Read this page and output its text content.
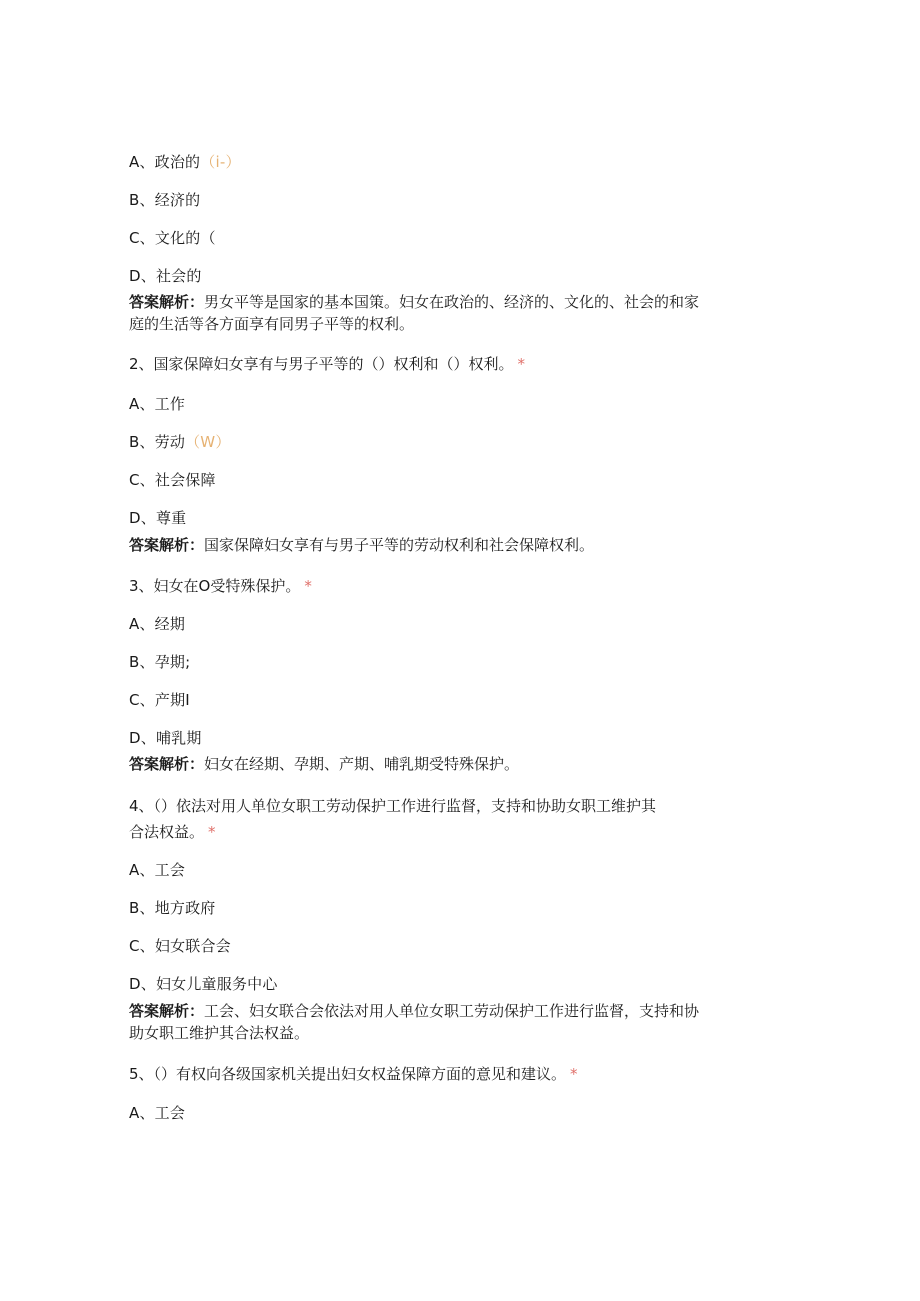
A、政治的（i-）
B、经济的
C、文化的（
D、社会的
答案解析：男女平等是国家的基本国策。妇女在政治的、经济的、文化的、社会的和家
庭的生活等各方面享有同男子平等的权利。
2、国家保障妇女享有与男子平等的（）权利和（）权利。 *
A、工作
B、劳动（W）
C、社会保障
D、尊重
答案解析：国家保障妇女享有与男子平等的劳动权利和社会保障权利。
3、妇女在O受特殊保护。 *
A、经期
B、孕期;
C、产期I
D、哺乳期
答案解析：妇女在经期、孕期、产期、哺乳期受特殊保护。
4、（）依法对用人单位女职工劳动保护工作进行监督，支持和协助女职工维护其
合法权益。 *
A、工会
B、地方政府
C、妇女联合会
D、妇女儿童服务中心
答案解析：工会、妇女联合会依法对用人单位女职工劳动保护工作进行监督，支持和协
助女职工维护其合法权益。
5、（）有权向各级国家机关提出妇女权益保障方面的意见和建议。 *
A、工会
